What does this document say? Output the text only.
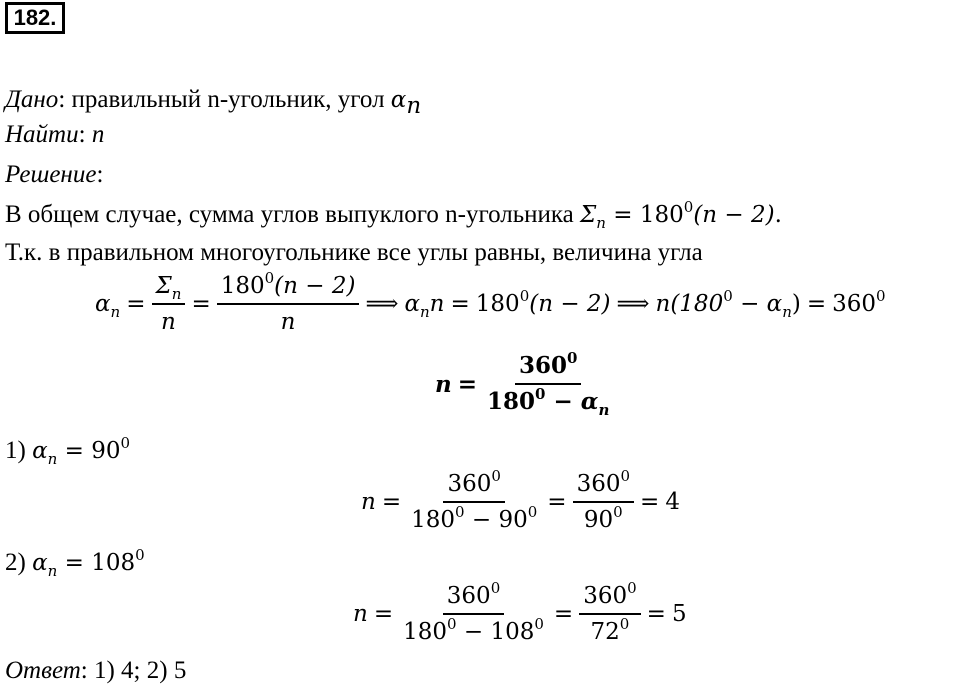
182.
Дано: правильный n-угольник, угол $\alpha_n$
Найти: n
Решение:
В общем случае, сумма углов выпуклого n-угольника $\Sigma_n = 180^0(n - 2)$.
Т.к. в правильном многоугольнике все углы равны, величина угла
$\alpha_n = \frac{\Sigma_n}{n} = \frac{180^0(n - 2)}{n}$ ⟹ $\alpha_nn = 180^0(n - 2)$ ⟹ $n(180^0 - \alpha_n) = 360^0$
$n = \frac{360^0}{180^0 - \alpha_n}$
1) $\alpha_n = 90^0$
$n = \frac{360^0}{180^0 - 90^0} = \frac{360^0}{90^0} = 4$
2) $\alpha_n = 108^0$
$n = \frac{360^0}{180^0 - 108^0} = \frac{360^0}{72^0} = 5$
Ответ: 1) 4; 2) 5
